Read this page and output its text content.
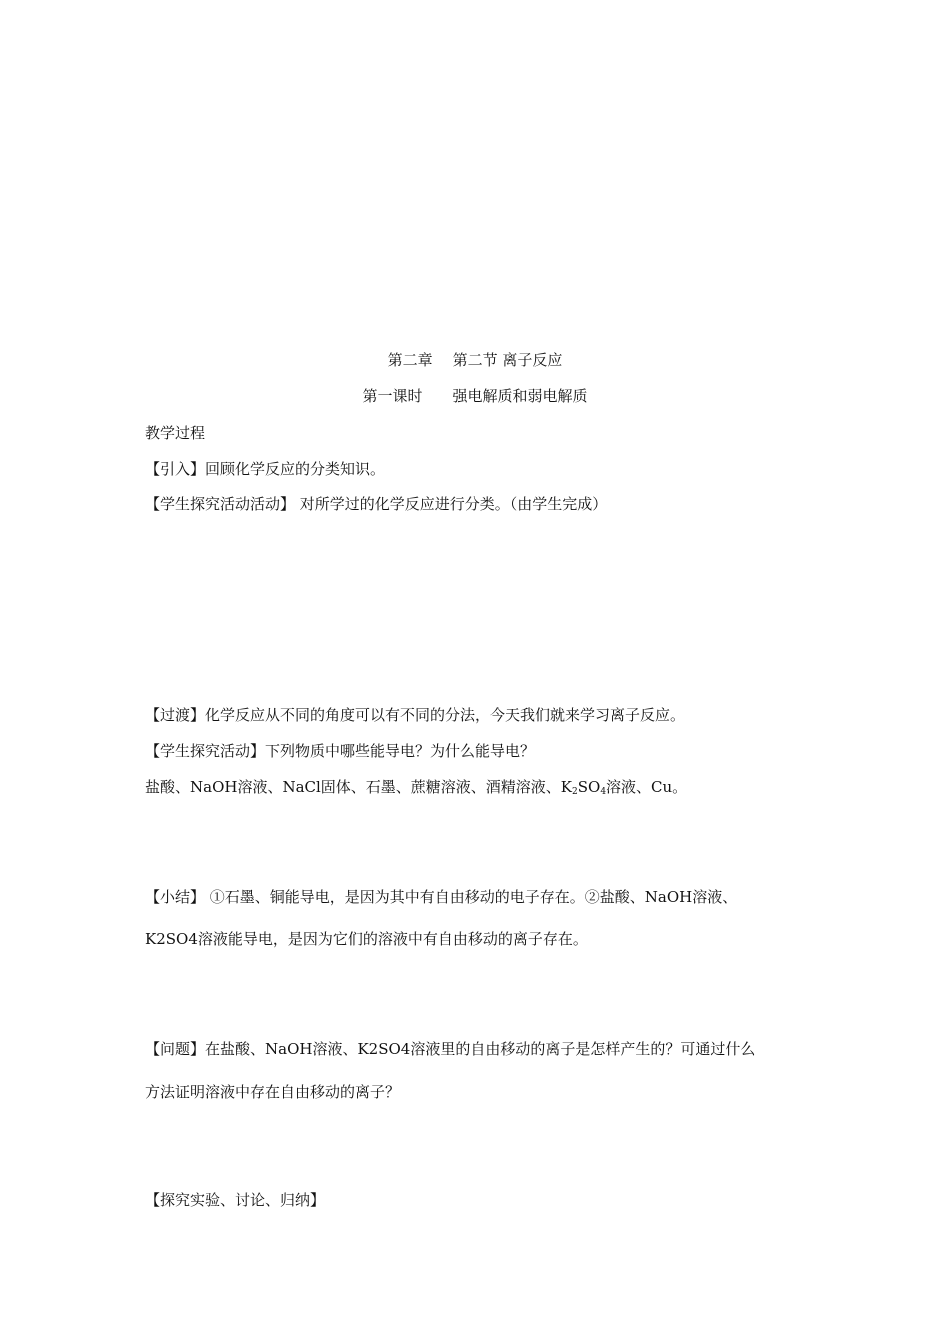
第二章 第二节 离子反应
第一课时 强电解质和弱电解质
教学过程
【引入】回顾化学反应的分类知识。
【学生探究活动活动】 对所学过的化学反应进行分类。（由学生完成）
【过渡】化学反应从不同的角度可以有不同的分法，今天我们就来学习离子反应。
【学生探究活动】下列物质中哪些能导电？为什么能导电？
盐酸、NaOH溶液、NaCl固体、石墨、蔗糖溶液、酒精溶液、$K_2SO_4$溶液、Cu。
【小结】 ①石墨、铜能导电，是因为其中有自由移动的电子存在。②盐酸、NaOH溶液、
K2SO4溶液能导电，是因为它们的溶液中有自由移动的离子存在。
【问题】在盐酸、NaOH溶液、K2SO4溶液里的自由移动的离子是怎样产生的？可通过什么
方法证明溶液中存在自由移动的离子？
【探究实验、讨论、归纳】
